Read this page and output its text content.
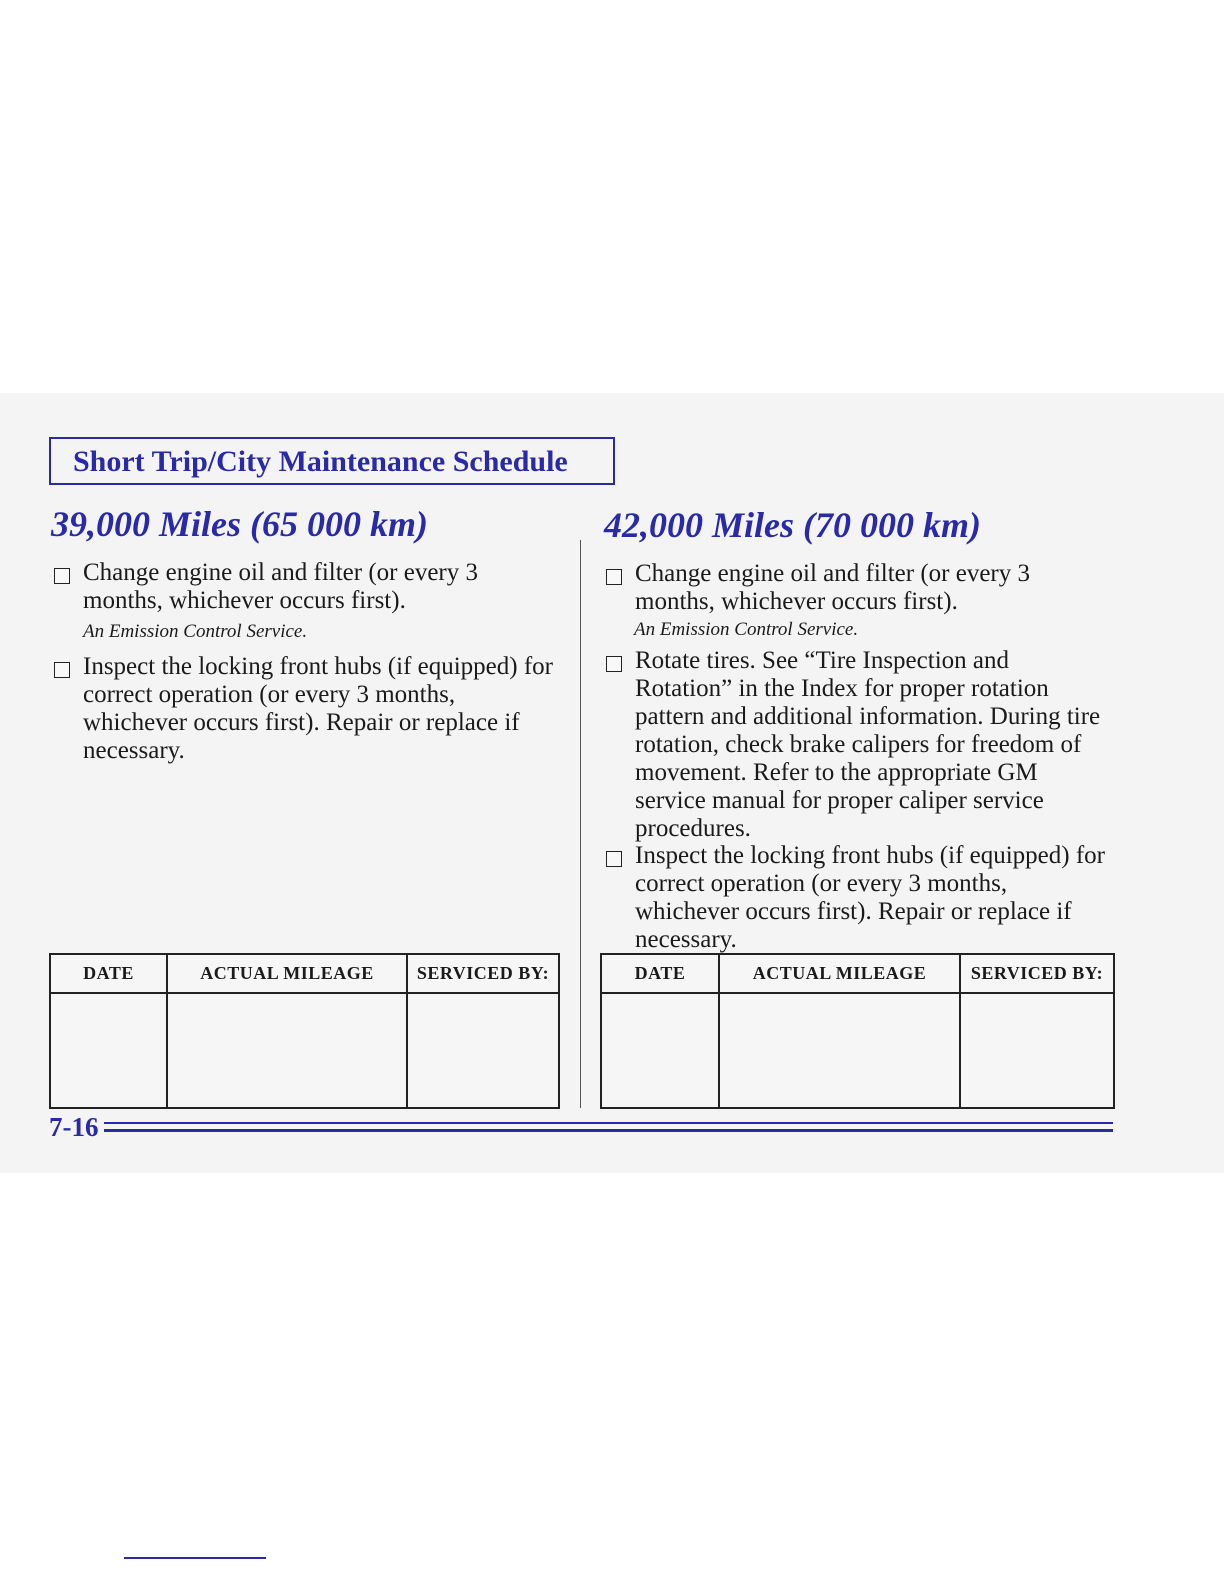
Short Trip/City Maintenance Schedule
39,000 Miles (65 000 km)
Change engine oil and filter (or every 3 months, whichever occurs first).
An Emission Control Service.
Inspect the locking front hubs (if equipped) for correct operation (or every 3 months, whichever occurs first). Repair or replace if necessary.
DATE	ACTUAL MILEAGE	SERVICED BY:

42,000 Miles (70 000 km)
Change engine oil and filter (or every 3 months, whichever occurs first).
An Emission Control Service.
Rotate tires. See “Tire Inspection and Rotation” in the Index for proper rotation pattern and additional information. During tire rotation, check brake calipers for freedom of movement. Refer to the appropriate GM service manual for proper caliper service procedures.
Inspect the locking front hubs (if equipped) for correct operation (or every 3 months, whichever occurs first). Repair or replace if necessary.
DATE	ACTUAL MILEAGE	SERVICED BY:

7-16
